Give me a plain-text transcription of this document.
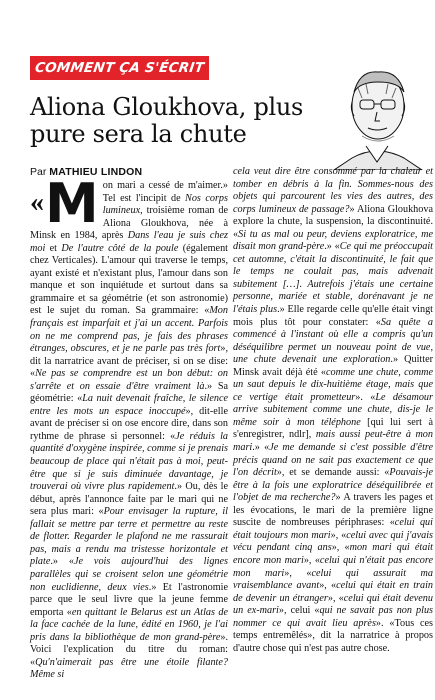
COMMENT ÇA S'ÉCRIT
Aliona Gloukhova, plus pure sera la chute
Par MATHIEU LINDON
« M on mari a cessé de m'aimer.» Tel est l'incipit de Nos corps lumineux, troisième roman de Aliona Gloukhova, née à Minsk en 1984, après Dans l'eau je suis chez moi et De l'autre côté de la poule (également chez Verticales). L'amour qui traverse le temps, ayant existé et n'existant plus, l'amour dans son manque et son inquiétude et surtout dans sa grammaire et sa géométrie (et son astronomie) est le sujet du roman. Sa grammaire: «Mon français est imparfait et j'ai un accent. Parfois on ne me comprend pas, je fais des phrases étranges, obscures, et je ne parle pas très fort», dit la narratrice avant de préciser, si on se dise: «Ne pas se comprendre est un bon début: on s'arrête et on essaie d'être vraiment là.» Sa géométrie: «La nuit devenait fraîche, le silence entre les mots un espace inoccupé», dit-elle avant de préciser si on ose encore dire, dans son rythme de phrase si personnel: «Je réduis la quantité d'oxygène inspirée, comme si je prenais beaucoup de place qui n'était pas à moi, peut-être que si je suis diminuée davantage, je trouverai où vivre plus rapidement.» Ou, dès le début, après l'annonce faite par le mari qui ne sera plus mari: «Pour envisager la rupture, il fallait se mettre par terre et permettre au reste de flotter. Regarder le plafond ne me rassurait pas, mais a rendu ma tristesse horizontale et plate.» «Je vois aujourd'hui des lignes parallèles qui se croisent selon une géométrie non euclidienne, deux vies.» Et l'astronomie parce que le seul livre que la jeune femme emporta «en quittant le Belarus est un Atlas de la face cachée de la lune, édité en 1960, je l'ai pris dans la bibliothèque de mon grand-père». Voici l'explication du titre du roman: «Qu'n'aimerait pas être une étoile filante? Même si
cela veut dire être consommé par la chaleur et tomber en débris à la fin. Sommes-nous des objets qui parcourent les vies des autres, des corps lumineux de passage?» Aliona Gloukhova explore la chute, la suspension, la discontinuité. «Si tu as mal ou peur, deviens exploratrice, me disait mon grand-père.» «Ce qui me préoccupait cet automne, c'était la discontinuité, le fait que le temps ne coulait pas, mais advenait subitement […]. Autrefois j'étais une certaine personne, mariée et stable, dorénavant je ne l'étais plus.» Elle regarde celle qu'elle était vingt mois plus tôt pour constater: «Sa quête a commencé à l'instant où elle a compris qu'un déséquilibre permet un nouveau point de vue, une chute devenait une exploration.» Quitter Minsk avait déjà été «comme une chute, comme un saut depuis le dix-huitième étage, mais que ce vertige était prometteur». «Le désamour arrive subitement comme une chute, dis-je le même soir à mon téléphone [qui lui sert à s'enregistrer, ndlr], mais aussi peut-être à mon mari.» «Je me demande si c'est possible d'être précis quand on ne sait pas exactement ce que l'on décrit», et se demande aussi: «Pouvais-je être à la fois une exploratrice déséquilibrée et l'objet de ma recherche?» A travers les pages et les évocations, le mari de la première ligne suscite de nombreuses périphrases: «celui qui était toujours mon mari», «celui avec qui j'avais vécu pendant cinq ans», «mon mari qui était encore mon mari», «celui qui n'était pas encore mon mari», «celui qui assurait ma vraisemblance avant», «celui qui était en train de devenir un étranger», «celui qui était devenu un ex-mari», celui «qui ne savait pas non plus nommer ce qui avait lieu après». «Tous ces temps entremêlés», dit la narratrice à propos d'autre chose qui n'est pas autre chose.
